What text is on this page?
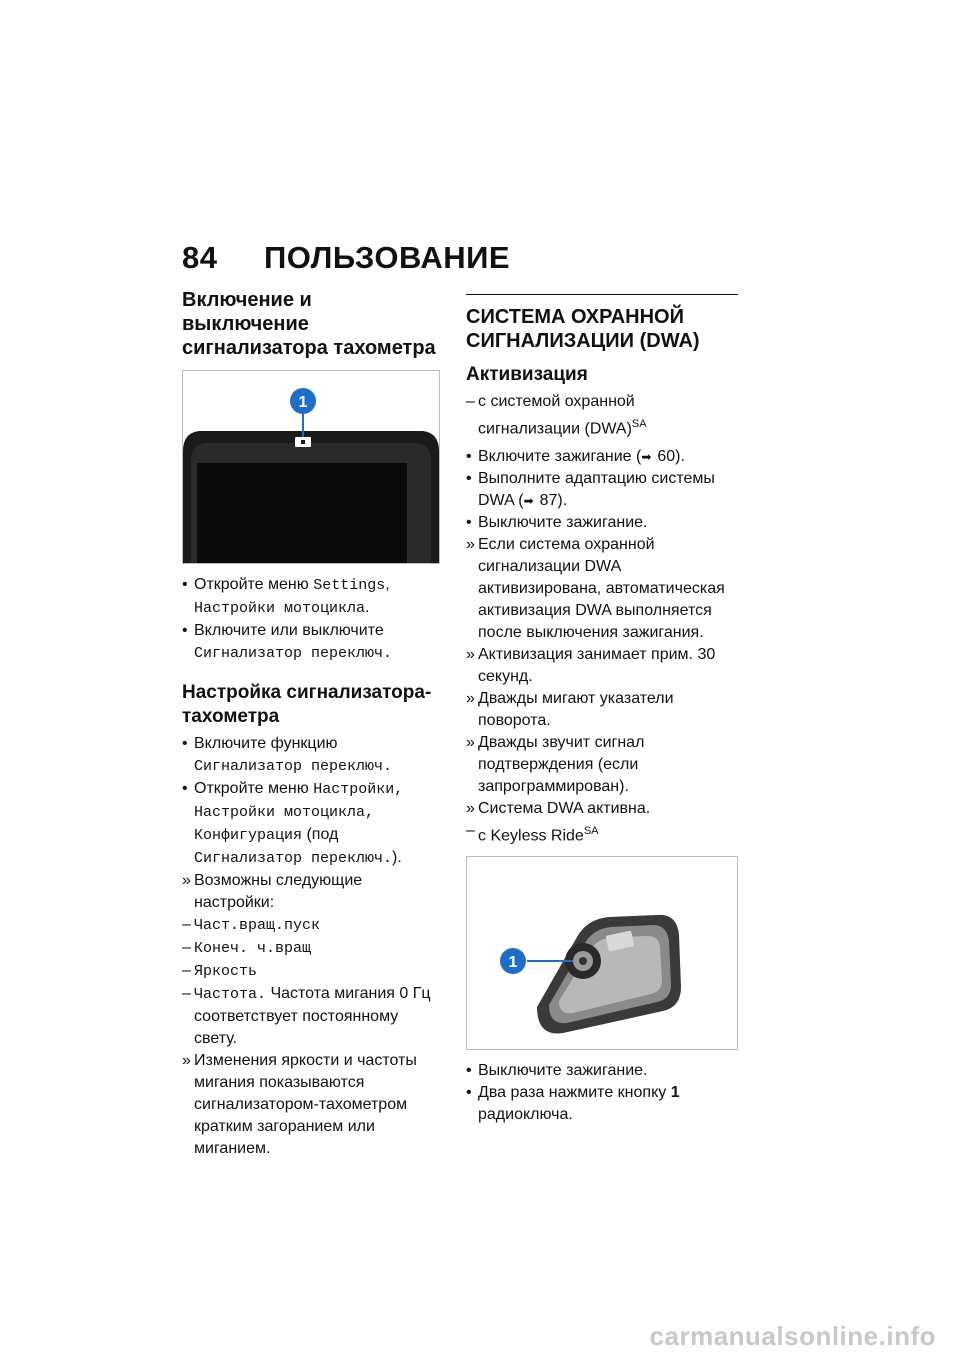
84	ПОЛЬЗОВАНИЕ
Включение и выключение сигнализатора тахометра
1
• Откройте меню Settings, Настройки мотоцикла.
• Включите или выключите Сигнализатор переключ.
Настройка сигнализатора-тахометра
• Включите функцию Сигнализатор переключ.
• Откройте меню Настройки, Настройки мотоцикла, Конфигурация (под Сигнализатор переключ.).
» Возможны следующие настройки:
– Част.вращ.пуск
– Конеч. ч.вращ
– Яркость
– Частота. Частота мигания 0 Гц соответствует постоянному свету.
» Изменения яркости и частоты мигания показываются сигнализатором-тахометром кратким загоранием или миганием.
СИСТЕМА ОХРАННОЙ СИГНАЛИЗАЦИИ (DWA)
Активизация
– с системой охранной сигнализации (DWA)$^{SA}$
• Включите зажигание (➡ 60).
• Выполните адаптацию системы DWA (➡ 87).
• Выключите зажигание.
» Если система охранной сигнализации DWA активизирована, автоматическая активизация DWA выполняется после выключения зажигания.
» Активизация занимает прим. 30 секунд.
» Дважды мигают указатели поворота.
» Дважды звучит сигнал подтверждения (если запрограммирован).
» Система DWA активна.
– с Keyless Ride$^{SA}$
1
• Выключите зажигание.
• Два раза нажмите кнопку 1 радиоключа.
carmanualsonline.info
